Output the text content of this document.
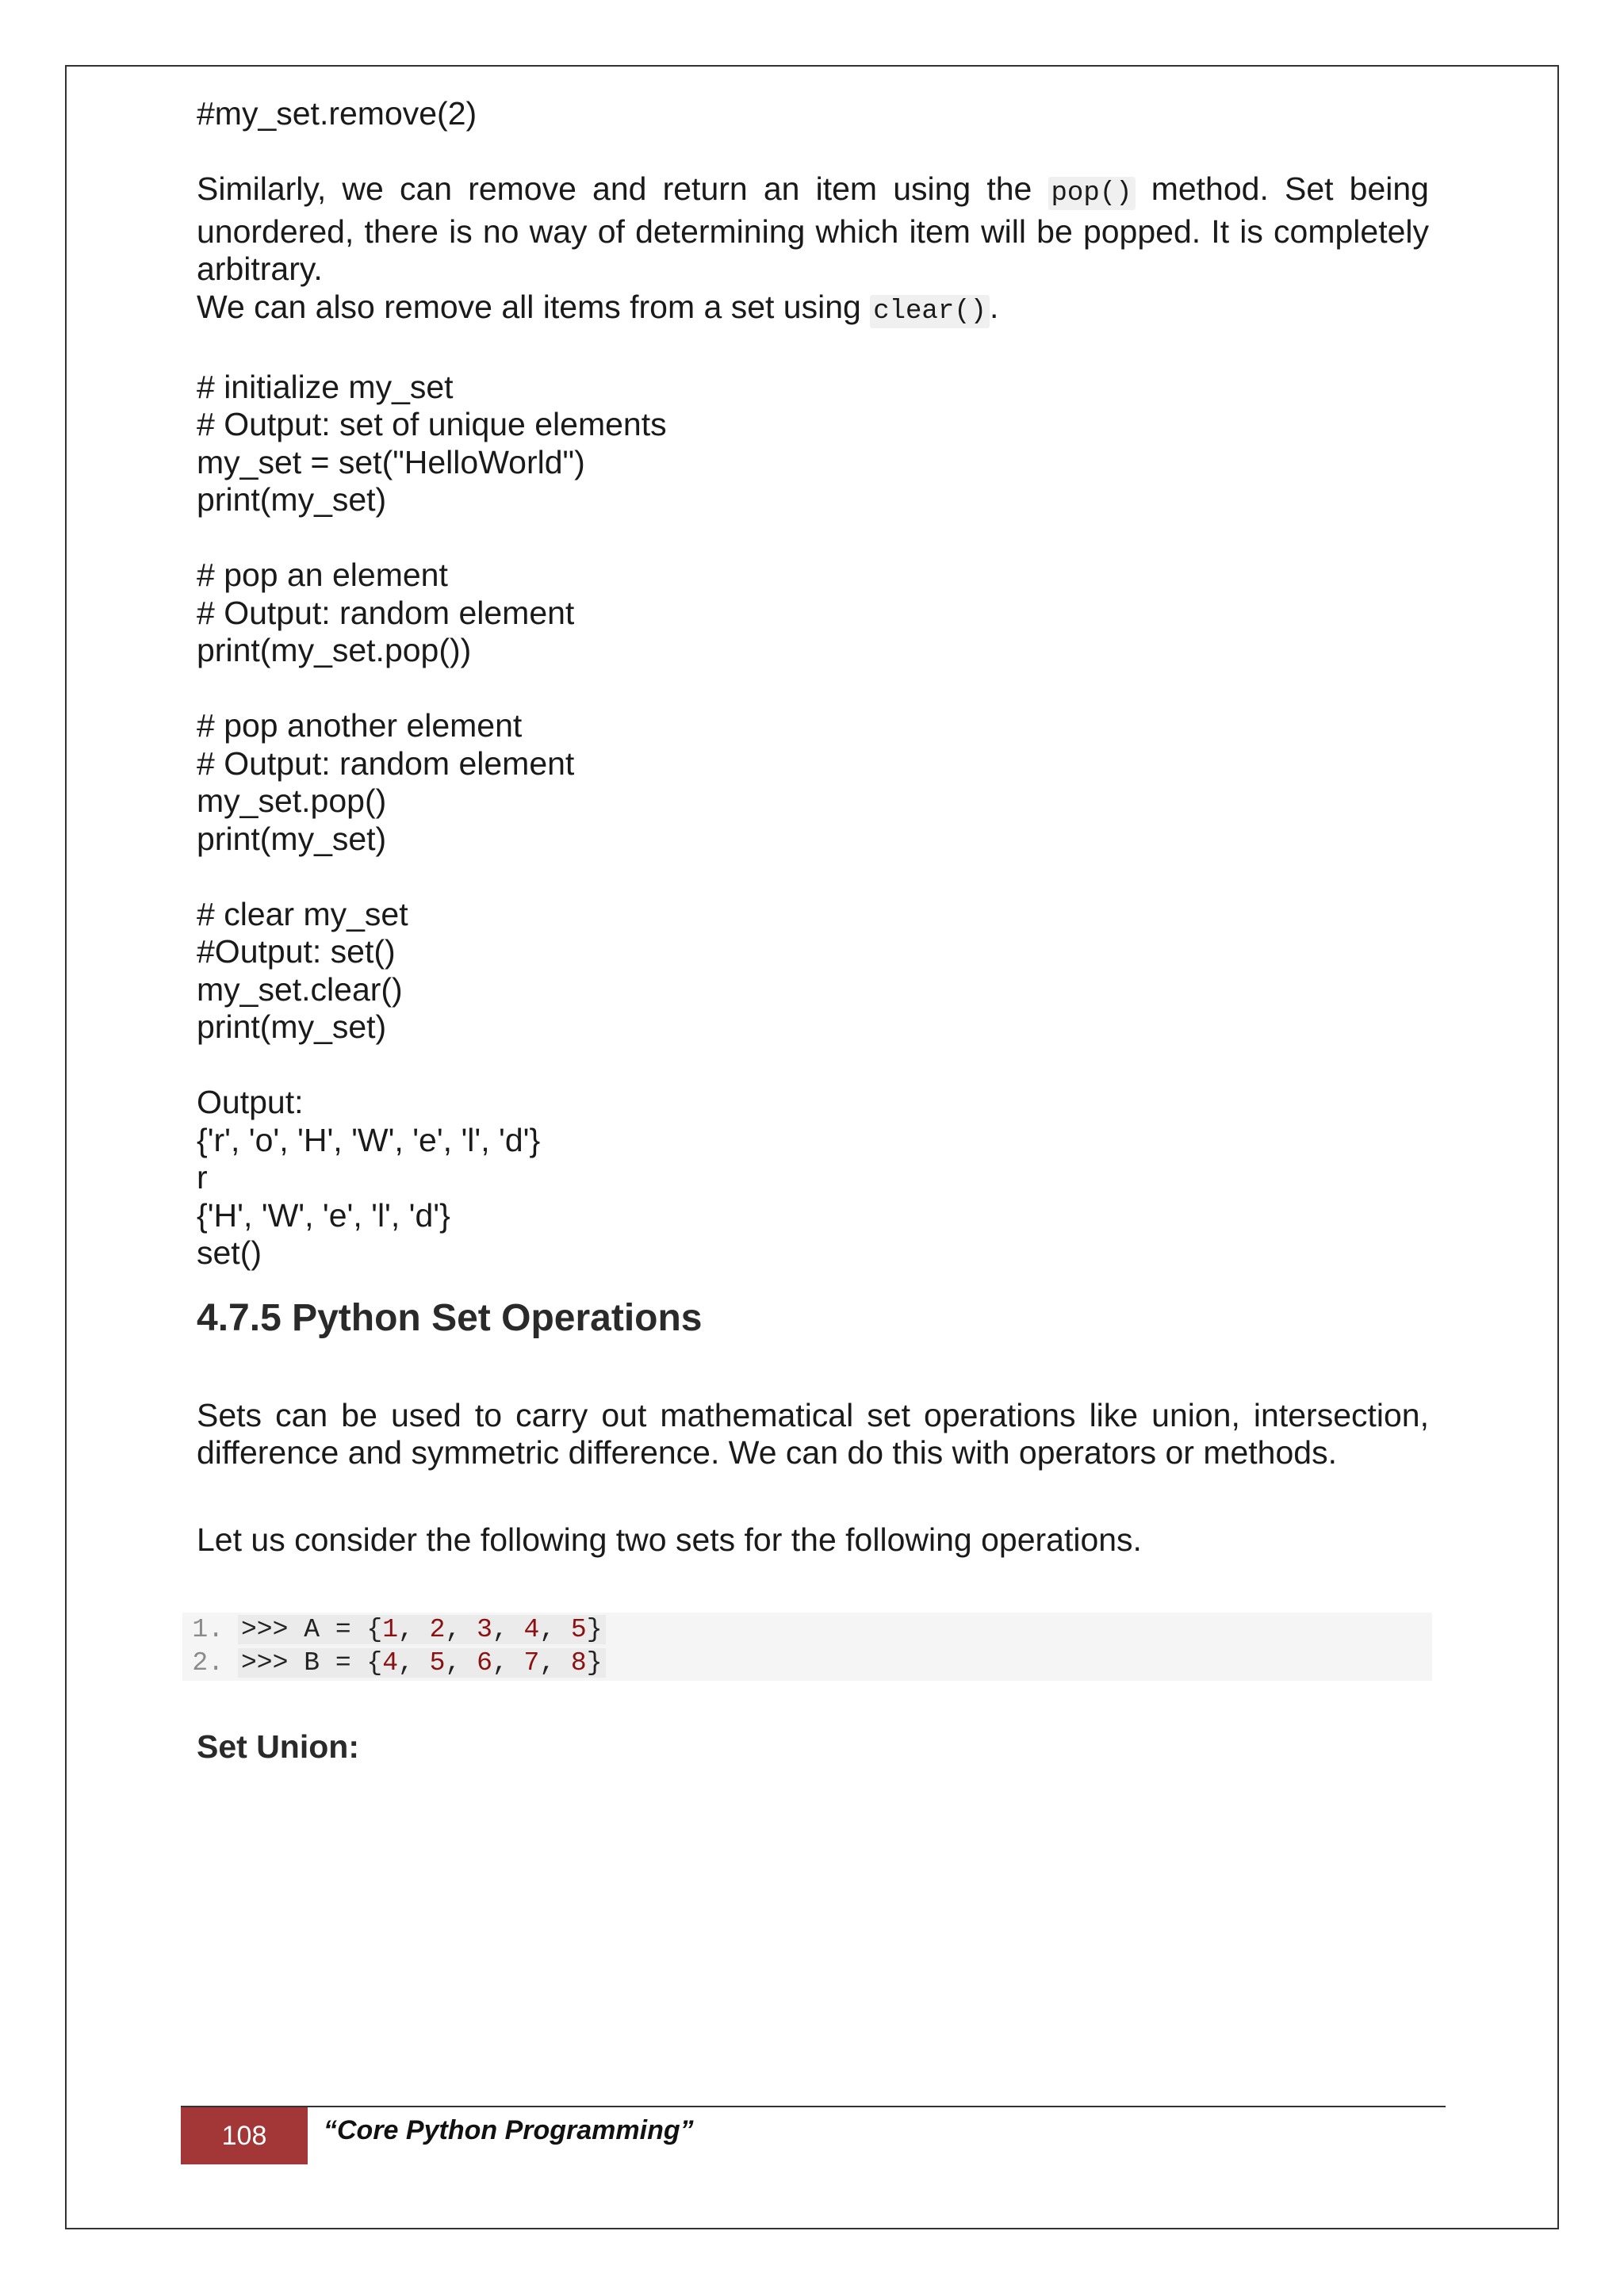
#my_set.remove(2)

Similarly, we can remove and return an item using the pop() method. Set being unordered, there is no way of determining which item will be popped. It is completely arbitrary.

We can also remove all items from a set using clear().

# initialize my_set

# Output: set of unique elements

my_set = set("HelloWorld")

print(my_set)

# pop an element

# Output: random element

print(my_set.pop())

# pop another element

# Output: random element

my_set.pop()

print(my_set)

# clear my_set

#Output: set()

my_set.clear()

print(my_set)

Output:

{'r', 'o', 'H', 'W', 'e', 'l', 'd'}

r

{'H', 'W', 'e', 'l', 'd'}

set()

4.7.5 Python Set Operations

Sets can be used to carry out mathematical set operations like union, intersection, difference and symmetric difference. We can do this with operators or methods.

Let us consider the following two sets for the following operations.

1. >>> A = {1, 2, 3, 4, 5}
2. >>> B = {4, 5, 6, 7, 8}
Set Union:
108	“Core Python Programming”
